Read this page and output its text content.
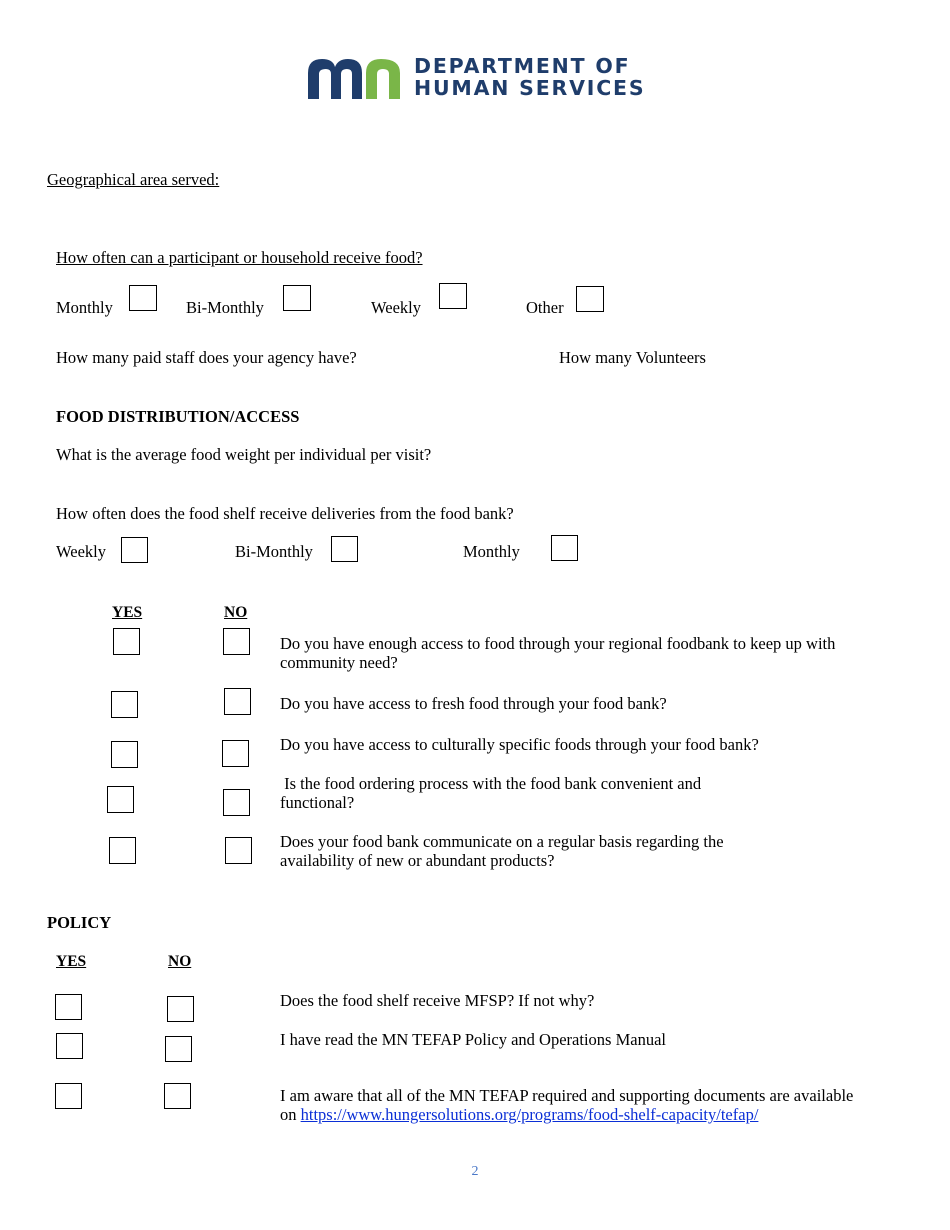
DEPARTMENT OF
HUMAN SERVICES
Geographical area served:
How often can a participant or household receive food?
Monthly	Bi-Monthly	Weekly	Other
How many paid staff does your agency have?	How many Volunteers
FOOD DISTRIBUTION/ACCESS
What is the average food weight per individual per visit?
How often does the food shelf receive deliveries from the food bank?
Weekly	Bi-Monthly	Monthly
YES	NO
Do you have enough access to food through your regional foodbank to keep up with community need?
Do you have access to fresh food through your food bank?
Do you have access to culturally specific foods through your food bank?
Is the food ordering process with the food bank convenient and functional?
Does your food bank communicate on a regular basis regarding the availability of new or abundant products?
POLICY
YES	NO
Does the food shelf receive MFSP? If not why?
I have read the MN TEFAP Policy and Operations Manual
I am aware that all of the MN TEFAP required and supporting documents are available on https://www.hungersolutions.org/programs/food-shelf-capacity/tefap/
2
